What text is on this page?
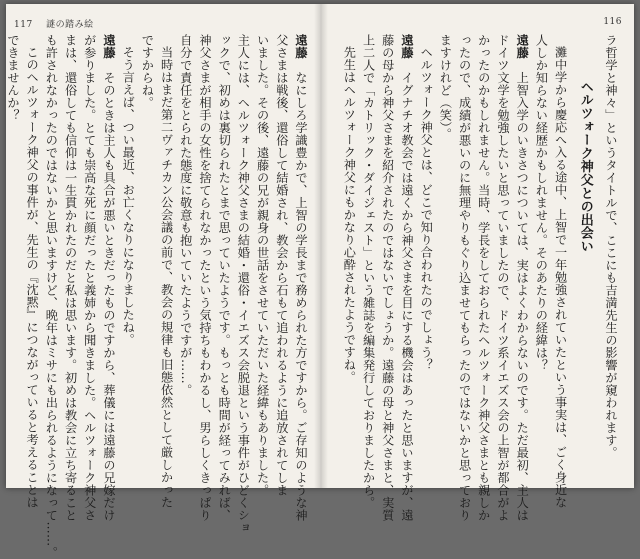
117 謎の踏み絵	116
ラ哲学と神々」というタイトルで、ここにも吉満先生の影響が窺われます。
ヘルツォーク神父との出会い
灘中学から慶応へ入る途中、上智で一年勉強されていたという事実は、ごく身近な
人しか知らない経歴かもしれません。そのあたりの経緯は？
遠藤　上智入学のいきさつについては、実はよくわからないのです。ただ最初、主人は
ドイツ文学を勉強したいと思っていましたので、ドイツ系イエズス会の上智が都合がよ
かったのかもしれません。当時、学長をしておられたヘルツォーク神父さまとも親しか
ったので、成績が悪いのに無理やりもぐり込ませてもらったのではないかと思っており
ますけれど（笑）。
ヘルツォーク神父とは、どこで知り合われたのでしょう？
遠藤　イグナチオ教会では遠くから神父さまを目にする機会はあったと思いますが、遠
藤の母から神父さまを紹介されたのではないでしょうか。遠藤の母と神父さまと、実質
上二人で「カトリック・ダイジェスト」という雑誌を編集発行しておりましたから。
先生はヘルツォーク神父にもかなり心酔されたようですね。
遠藤　なにしろ学識豊かで、上智の学長まで務められた方ですから。ご存知のような神
父さまは戦後、還俗して結婚され、教会から石もて追われるように追放されてしま
いました。その後、遠藤の兄が親身の世話をさせていただいた経緯もありました。
主人には、ヘルツォーク神父さまの結婚・還俗・イエズス会脱退という事件がひどくショ
ックで、初めは裏切られたとまで思っていたようです。もっとも時間が経ってみれば、
神父さまが相手の女性を捨てられなかったという気持ちもわかるし、男らしくきっぱり
自分で責任をとられた態度に敬意も抱いていたようですが……。
当時はまだ第二ヴァチカン公会議の前で、教会の規律も旧態依然として厳しかった
ですからね。
そう言えば、つい最近、お亡くなりになりましたね。
遠藤　そのときは主人も具合が悪いときだったものですから、葬儀には遠藤の兄嫁だけ
が参りました。とても崇高な死に顔だったと義姉から聞きました。ヘルツォーク神父さ
まは、還俗しても信仰は一生貫かれたのだと私は思います。初めは教会に立ち寄ること
も許されなかったのではないかと思いますけど、晩年はミサにも出られるようになって……。
このヘルツォーク神父の事件が、先生の『沈黙』につながっていると考えることは
できませんか？
